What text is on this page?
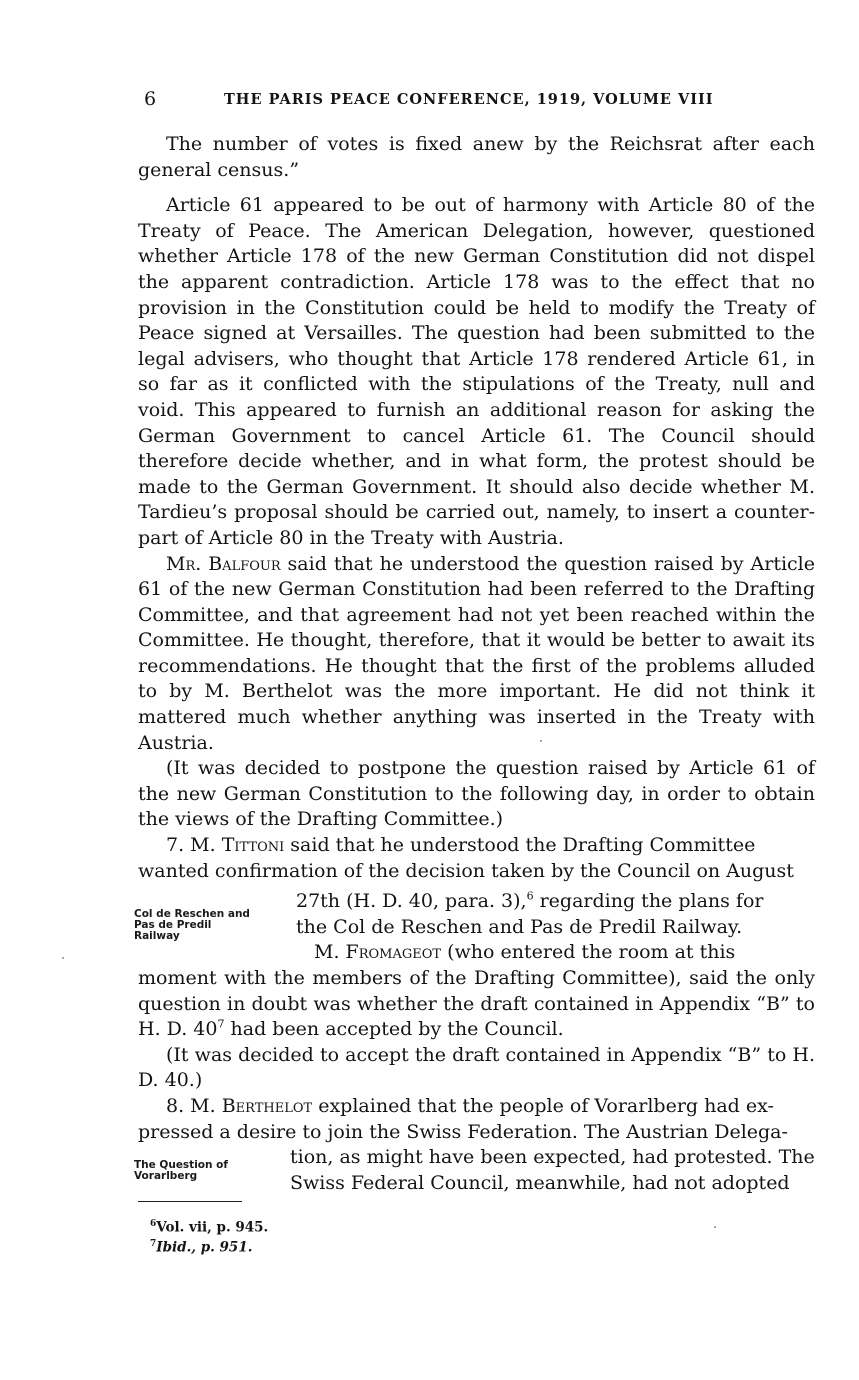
6	THE PARIS PEACE CONFERENCE, 1919, VOLUME VIII

The number of votes is fixed anew by the Reichsrat after each general census.”

Article 61 appeared to be out of harmony with Article 80 of the Treaty of Peace. The American Delegation, however, questioned whether Article 178 of the new German Constitution did not dispel the apparent contradiction. Article 178 was to the effect that no provision in the Constitution could be held to modify the Treaty of Peace signed at Versailles. The question had been submitted to the legal advisers, who thought that Article 178 rendered Article 61, in so far as it conflicted with the stipulations of the Treaty, null and void. This appeared to furnish an additional reason for asking the German Government to cancel Article 61. The Council should therefore decide whether, and in what form, the protest should be made to the German Government. It should also decide whether M. Tardieu’s proposal should be carried out, namely, to insert a counter-part of Article 80 in the Treaty with Austria.

Mr. Balfour said that he understood the question raised by Article 61 of the new German Constitution had been referred to the Drafting Committee, and that agreement had not yet been reached within the Committee. He thought, therefore, that it would be better to await its recommendations. He thought that the first of the problems alluded to by M. Berthelot was the more important. He did not think it mattered much whether anything was inserted in the Treaty with Austria.

(It was decided to postpone the question raised by Article 61 of the new German Constitution to the following day, in order to obtain the views of the Drafting Committee.)

7. M. Tittoni said that he understood the Drafting Committee

wanted confirmation of the decision taken by the Council on August

Col de Reschen and
Pas de Predil
Railway
27th (H. D. 40, para. 3),$^6$ regarding the plans for
the Col de Reschen and Pas de Predil Railway.
M. Fromageot (who entered the room at this

moment with the members of the Drafting Committee), said the only question in doubt was whether the draft contained in Appendix “B” to H. D. 40$^7$ had been accepted by the Council.

(It was decided to accept the draft contained in Appendix “B” to H. D. 40.)

8. M. Berthelot explained that the people of Vorarlberg had ex-

pressed a desire to join the Swiss Federation. The Austrian Delega-

The Question of
Vorarlberg
tion, as might have been expected, had protested. The
Swiss Federal Council, meanwhile, had not adopted
$^6$Vol. vii, p. 945.
$^7$Ibid., p. 951.
